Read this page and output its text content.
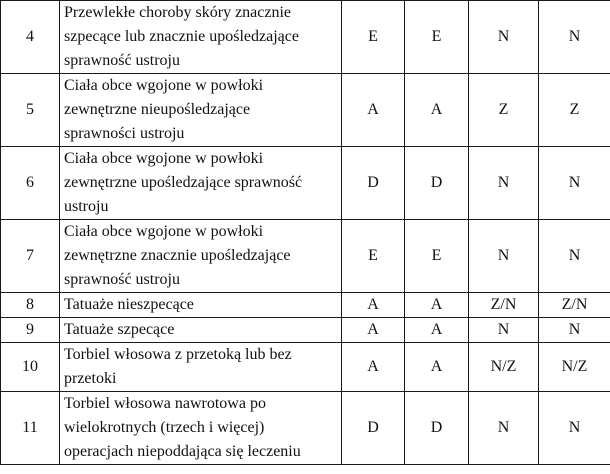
4	Przewlekłe choroby skóry znacznie
szpecące lub znacznie upośledzające
sprawność ustroju	E	E	N	N
5	Ciała obce wgojone w powłoki
zewnętrzne nieupośledzające
sprawności ustroju	A	A	Z	Z
6	Ciała obce wgojone w powłoki
zewnętrzne upośledzające sprawność
ustroju	D	D	N	N
7	Ciała obce wgojone w powłoki
zewnętrzne znacznie upośledzające
sprawność ustroju	E	E	N	N
8	Tatuaże nieszpecące	A	A	Z/N	Z/N
9	Tatuaże szpecące	A	A	N	N
10	Torbiel włosowa z przetoką lub bez
przetoki	A	A	N/Z	N/Z
11	Torbiel włosowa nawrotowa po
wielokrotnych (trzech i więcej)
operacjach niepoddająca się leczeniu	D	D	N	N
